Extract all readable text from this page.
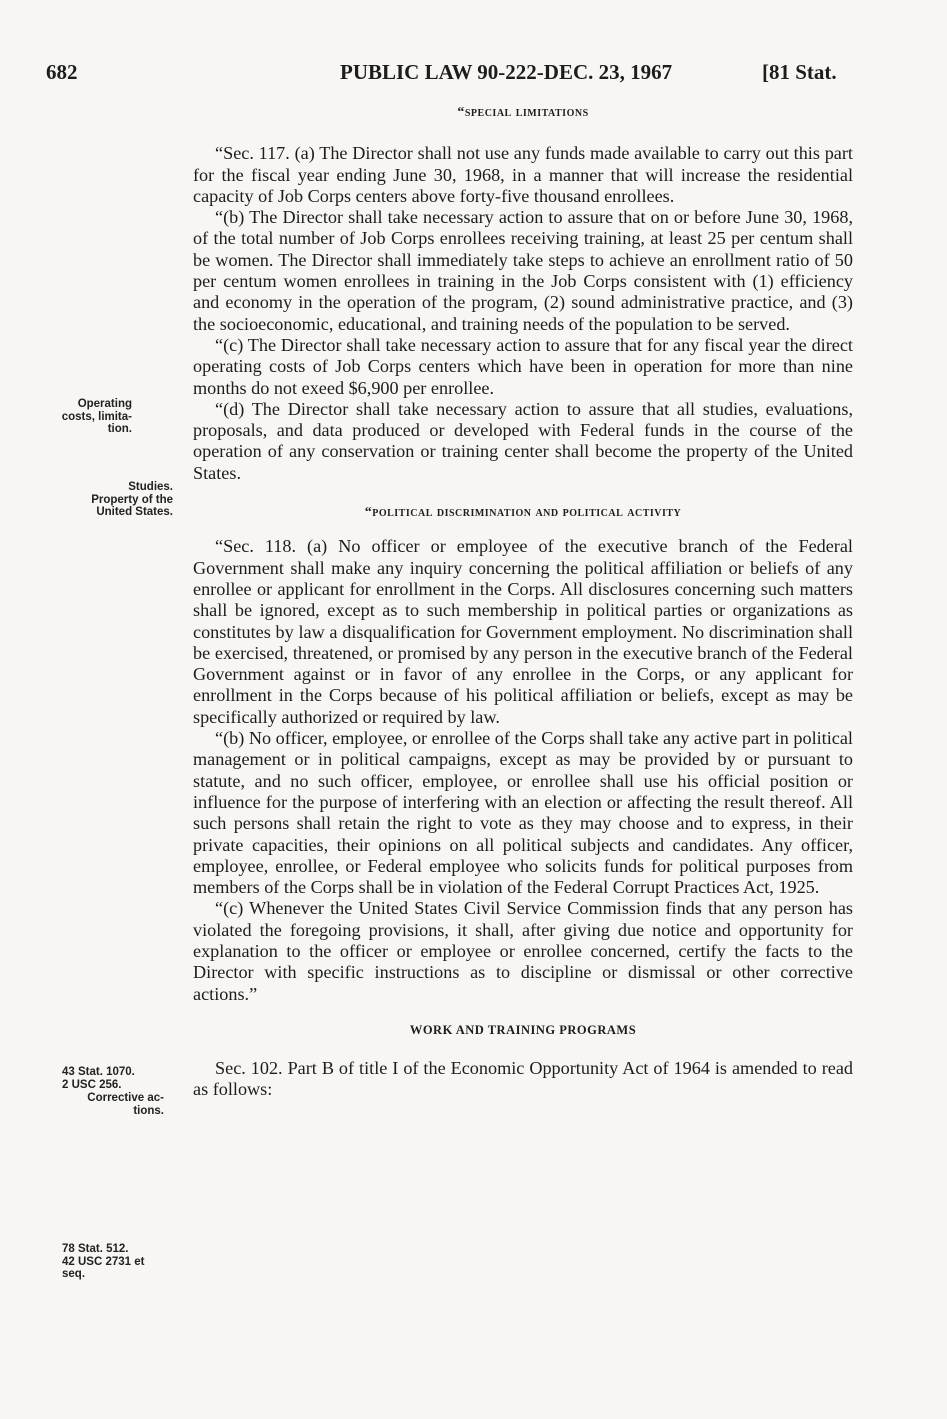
682	PUBLIC LAW 90-222-DEC. 23, 1967	[81 Stat.
Operating
costs, limita-
tion.
Studies.
Property of the
United States.
43 Stat. 1070.
2 USC 256.
Corrective ac-
tions.
78 Stat. 512.
42 USC 2731 et
seq.
“special limitations

“Sec. 117. (a) The Director shall not use any funds made available to carry out this part for the fiscal year ending June 30, 1968, in a manner that will increase the residential capacity of Job Corps centers above forty-five thousand enrollees.

“(b) The Director shall take necessary action to assure that on or before June 30, 1968, of the total number of Job Corps enrollees receiving training, at least 25 per centum shall be women. The Director shall immediately take steps to achieve an enrollment ratio of 50 per centum women enrollees in training in the Job Corps consistent with (1) efficiency and economy in the operation of the program, (2) sound administrative practice, and (3) the socioeconomic, educational, and training needs of the population to be served.

“(c) The Director shall take necessary action to assure that for any fiscal year the direct operating costs of Job Corps centers which have been in operation for more than nine months do not exeed $6,900 per enrollee.

“(d) The Director shall take necessary action to assure that all studies, evaluations, proposals, and data produced or developed with Federal funds in the course of the operation of any conservation or training center shall become the property of the United States.

“political discrimination and political activity

“Sec. 118. (a) No officer or employee of the executive branch of the Federal Government shall make any inquiry concerning the political affiliation or beliefs of any enrollee or applicant for enrollment in the Corps. All disclosures concerning such matters shall be ignored, except as to such membership in political parties or organizations as constitutes by law a disqualification for Government employment. No discrimination shall be exercised, threatened, or promised by any person in the executive branch of the Federal Government against or in favor of any enrollee in the Corps, or any applicant for enrollment in the Corps because of his political affiliation or beliefs, except as may be specifically authorized or required by law.

“(b) No officer, employee, or enrollee of the Corps shall take any active part in political management or in political campaigns, except as may be provided by or pursuant to statute, and no such officer, employee, or enrollee shall use his official position or influence for the purpose of interfering with an election or affecting the result thereof. All such persons shall retain the right to vote as they may choose and to express, in their private capacities, their opinions on all political subjects and candidates. Any officer, employee, enrollee, or Federal employee who solicits funds for political purposes from members of the Corps shall be in violation of the Federal Corrupt Practices Act, 1925.

“(c) Whenever the United States Civil Service Commission finds that any person has violated the foregoing provisions, it shall, after giving due notice and opportunity for explanation to the officer or employee or enrollee concerned, certify the facts to the Director with specific instructions as to discipline or dismissal or other corrective actions.”

WORK AND TRAINING PROGRAMS

Sec. 102. Part B of title I of the Economic Opportunity Act of 1964 is amended to read as follows:
